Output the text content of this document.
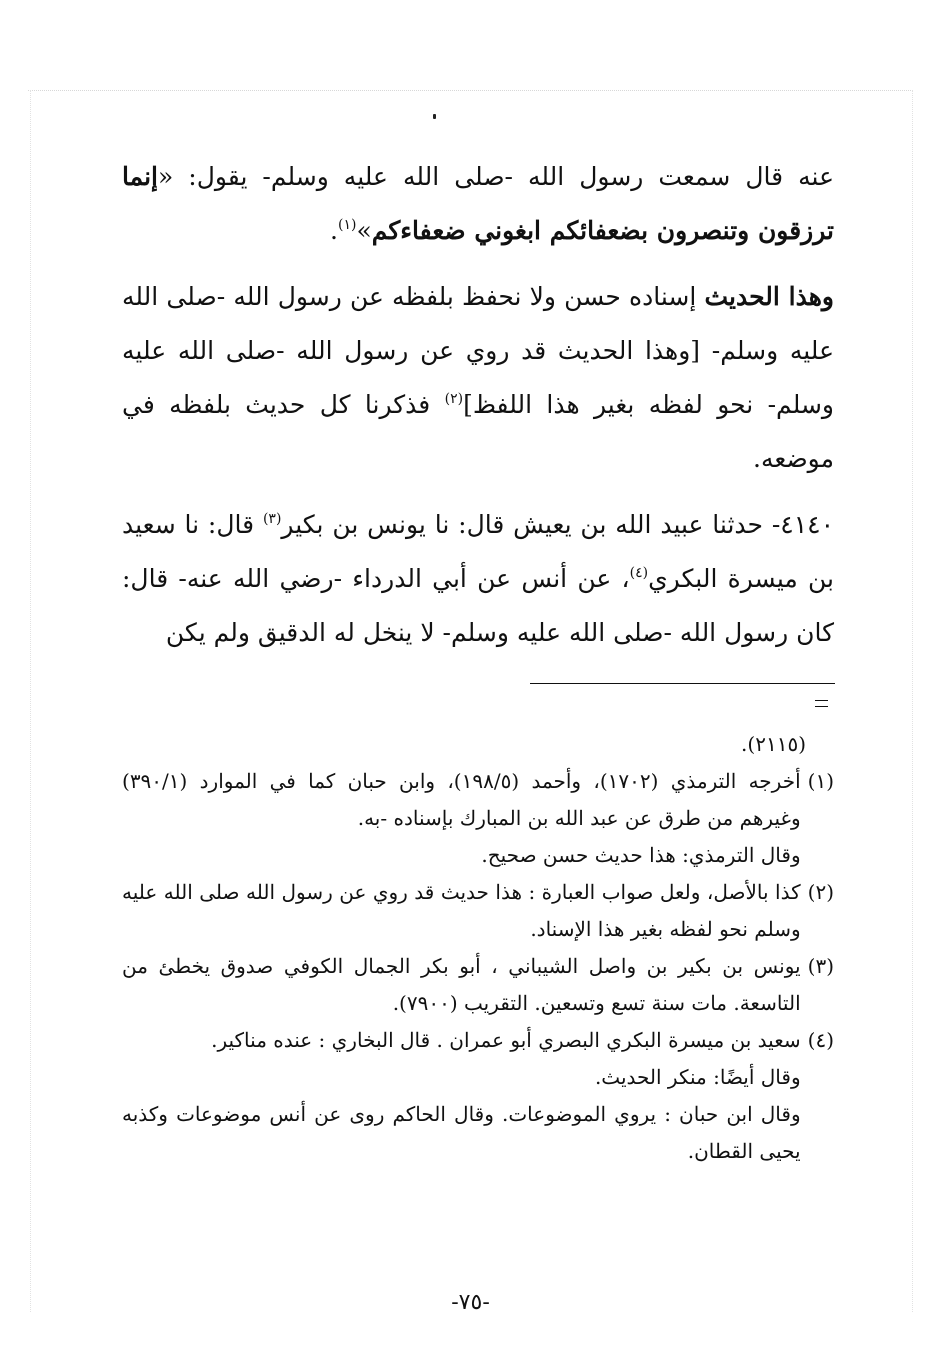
عنه قال سمعت رسول الله -صلى الله عليه وسلم- يقول: «إنما ترزقون وتنصرون بضعفائكم ابغوني ضعفاءكم»$^{(١)}$.

وهذا الحديث إسناده حسن ولا نحفظ بلفظه عن رسول الله -صلى الله عليه وسلم- [وهذا الحديث قد روي عن رسول الله -صلى الله عليه وسلم- نحو لفظه بغير هذا اللفظ]$^{(٢)}$ فذكرنا كل حديث بلفظه في موضعه.

٤١٤٠- حدثنا عبيد الله بن يعيش قال: نا يونس بن بكير$^{(٣)}$ قال: نا سعيد بن ميسرة البكري$^{(٤)}$، عن أنس عن أبي الدرداء -رضي الله عنه- قال: كان رسول الله -صلى الله عليه وسلم- لا ينخل له الدقيق ولم يكن

(٢١١٥).
(١)
أخرجه الترمذي (١٧٠٢)، وأحمد (١٩٨/٥)، وابن حبان كما في الموارد (٣٩٠/١) وغيرهم من طرق عن عبد الله بن المبارك بإسناده -به.
وقال الترمذي: هذا حديث حسن صحيح.
(٢)
كذا بالأصل، ولعل صواب العبارة : هذا حديث قد روي عن رسول الله صلى الله عليه وسلم نحو لفظه بغير هذا الإسناد.
(٣)
يونس بن بكير بن واصل الشيباني ، أبو بكر الجمال الكوفي صدوق يخطئ من التاسعة. مات سنة تسع وتسعين. التقريب (٧٩٠٠).
(٤)
سعيد بن ميسرة البكري البصري أبو عمران . قال البخاري : عنده مناكير.
وقال أيضًا: منكر الحديث.
وقال ابن حبان : يروي الموضوعات. وقال الحاكم روى عن أنس موضوعات وكذبه يحيى القطان.
-٧٥-
